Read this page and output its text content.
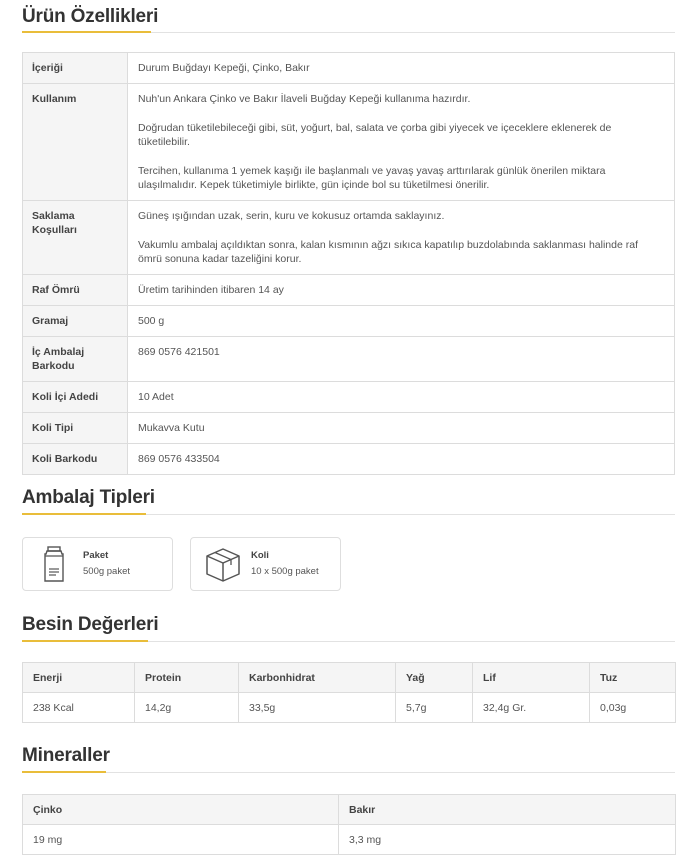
Ürün Özellikleri
İçeriği	Durum Buğdayı Kepeği, Çinko, Bakır

Kullanım	Nuh'un Ankara Çinko ve Bakır İlaveli Buğday Kepeği kullanıma hazırdır.

Doğrudan tüketilebileceği gibi, süt, yoğurt, bal, salata ve çorba gibi yiyecek ve içeceklere eklenerek de tüketilebilir.

Tercihen, kullanıma 1 yemek kaşığı ile başlanmalı ve yavaş yavaş arttırılarak günlük önerilen miktara ulaşılmalıdır. Kepek tüketimiyle birlikte, gün içinde bol su tüketilmesi önerilir.

Saklama Koşulları	Güneş ışığından uzak, serin, kuru ve kokusuz ortamda saklayınız.

Vakumlu ambalaj açıldıktan sonra, kalan kısmının ağzı sıkıca kapatılıp buzdolabında saklanması halinde raf ömrü sonuna kadar tazeliğini korur.

Raf Ömrü	Üretim tarihinden itibaren 14 ay

Gramaj	500 g

İç Ambalaj Barkodu	869 0576 421501

Koli İçi Adedi	10 Adet

Koli Tipi	Mukavva Kutu

Koli Barkodu	869 0576 433504

Ambalaj Tipleri
Paket
500g paket
Koli
10 x 500g paket
Besin Değerleri
Enerji	Protein	Karbonhidrat	Yağ	Lif	Tuz
238 Kcal	14,2g	33,5g	5,7g	32,4g Gr.	0,03g
Mineraller
Çinko	Bakır
19 mg	3,3 mg
